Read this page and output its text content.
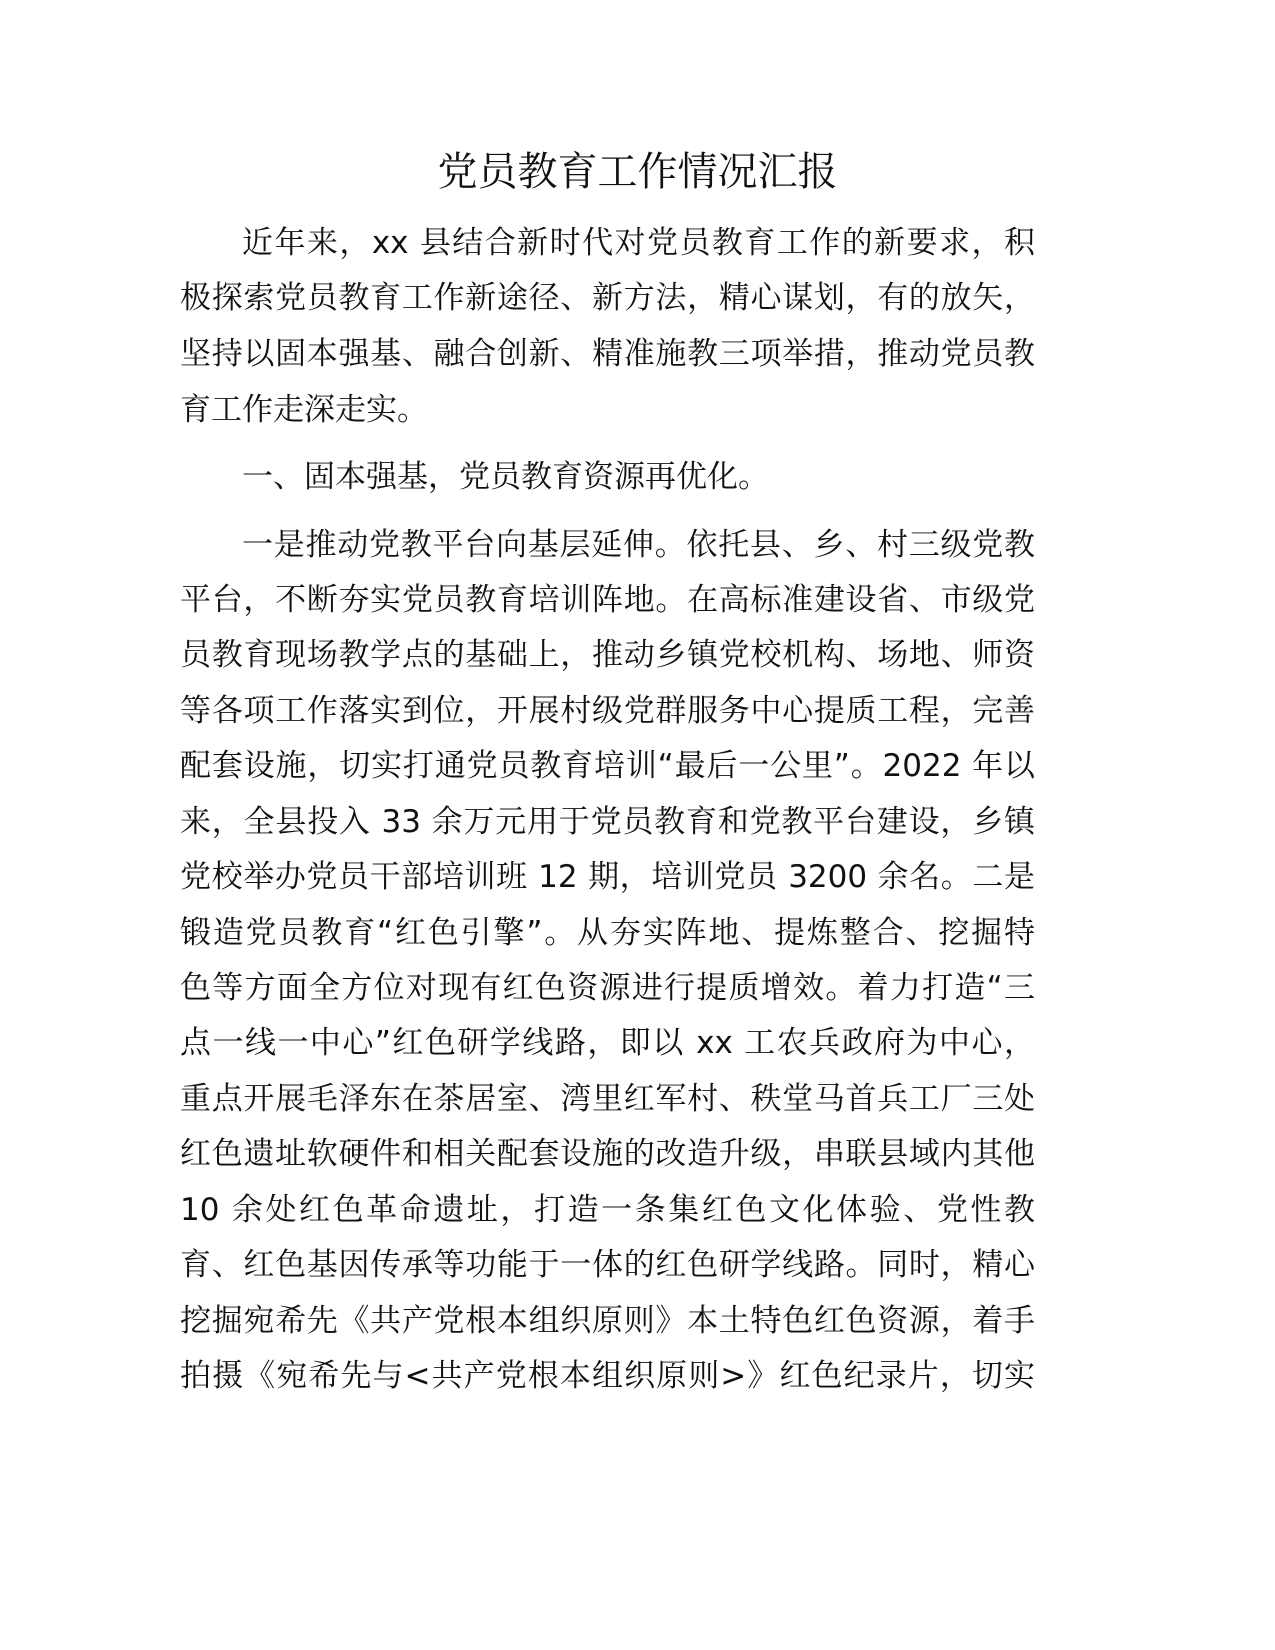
党员教育工作情况汇报
近年来，xx 县结合新时代对党员教育工作的新要求，积
极探索党员教育工作新途径、新方法，精心谋划，有的放矢，
坚持以固本强基、融合创新、精准施教三项举措，推动党员教
育工作走深走实。
一、固本强基，党员教育资源再优化。
一是推动党教平台向基层延伸。依托县、乡、村三级党教
平台，不断夯实党员教育培训阵地。在高标准建设省、市级党
员教育现场教学点的基础上，推动乡镇党校机构、场地、师资
等各项工作落实到位，开展村级党群服务中心提质工程，完善
配套设施，切实打通党员教育培训“最后一公里”。2022 年以
来，全县投入 33 余万元用于党员教育和党教平台建设，乡镇
党校举办党员干部培训班 12 期，培训党员 3200 余名。二是
锻造党员教育“红色引擎”。从夯实阵地、提炼整合、挖掘特
色等方面全方位对现有红色资源进行提质增效。着力打造“三
点一线一中心”红色研学线路，即以 xx 工农兵政府为中心，
重点开展毛泽东在茶居室、湾里红军村、秩堂马首兵工厂三处
红色遗址软硬件和相关配套设施的改造升级，串联县域内其他
10 余处红色革命遗址，打造一条集红色文化体验、党性教
育、红色基因传承等功能于一体的红色研学线路。同时，精心
挖掘宛希先《共产党根本组织原则》本土特色红色资源，着手
拍摄《宛希先与<共产党根本组织原则>》红色纪录片，切实
